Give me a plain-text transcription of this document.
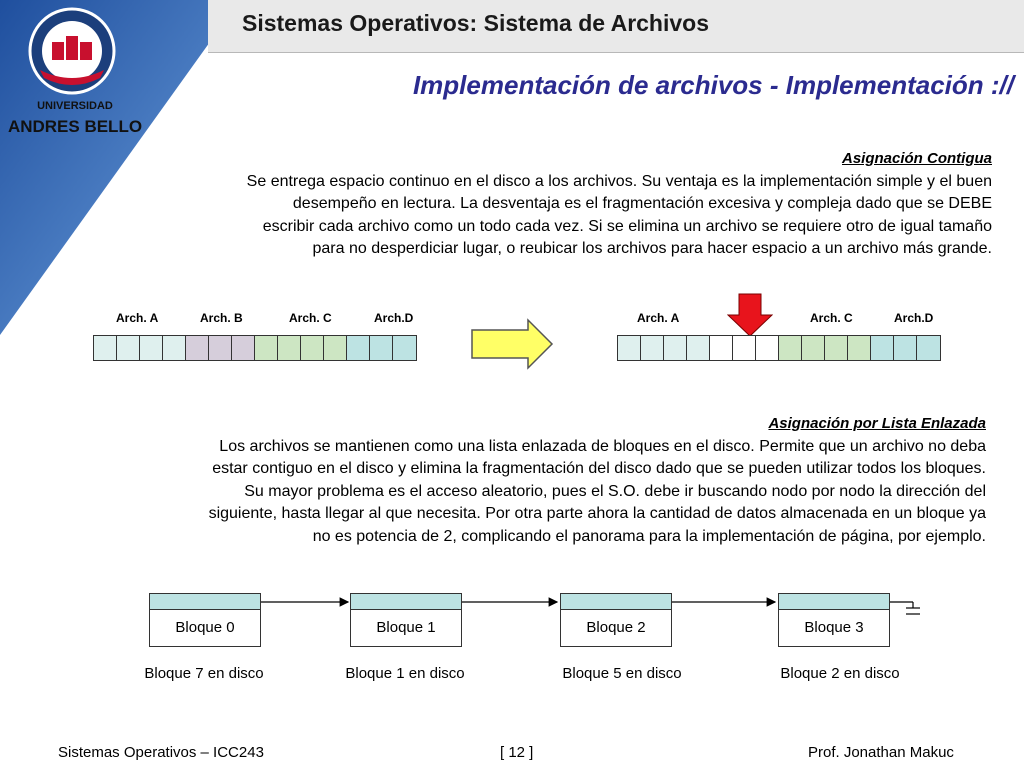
Sistemas Operativos: Sistema de Archivos
UNIVERSIDAD
ANDRES BELLO
Implementación de archivos - Implementación ://
Asignación Contigua
Se entrega espacio continuo en el disco a los archivos. Su ventaja es la implementación simple y el buen
desempeño en lectura. La desventaja es el fragmentación excesiva y compleja dado que se DEBE
escribir cada archivo como un todo cada vez. Si se elimina un archivo se requiere otro de igual tamaño
para no desperdiciar lugar, o reubicar los archivos para hacer espacio a un archivo más grande.
Arch. A	Arch. B	Arch. C	Arch.D	Arch. A	Arch. C	Arch.D
Asignación por Lista Enlazada
Los archivos se mantienen como una lista enlazada de bloques en el disco. Permite que un archivo no deba
estar contiguo en el disco y elimina la fragmentación del disco dado que se pueden utilizar todos los bloques.
Su mayor problema es el acceso aleatorio, pues el S.O. debe ir buscando nodo por nodo la dirección del
siguiente, hasta llegar al que necesita. Por otra parte ahora la cantidad de datos almacenada en un bloque ya
no es potencia de 2, complicando el panorama para la implementación de página, por ejemplo.
Bloque 0	Bloque 1	Bloque 2	Bloque 3
Bloque 7 en disco	Bloque 1 en disco	Bloque 5 en disco	Bloque 2 en disco
Sistemas Operativos – ICC243	[ 12 ]	Prof. Jonathan Makuc
